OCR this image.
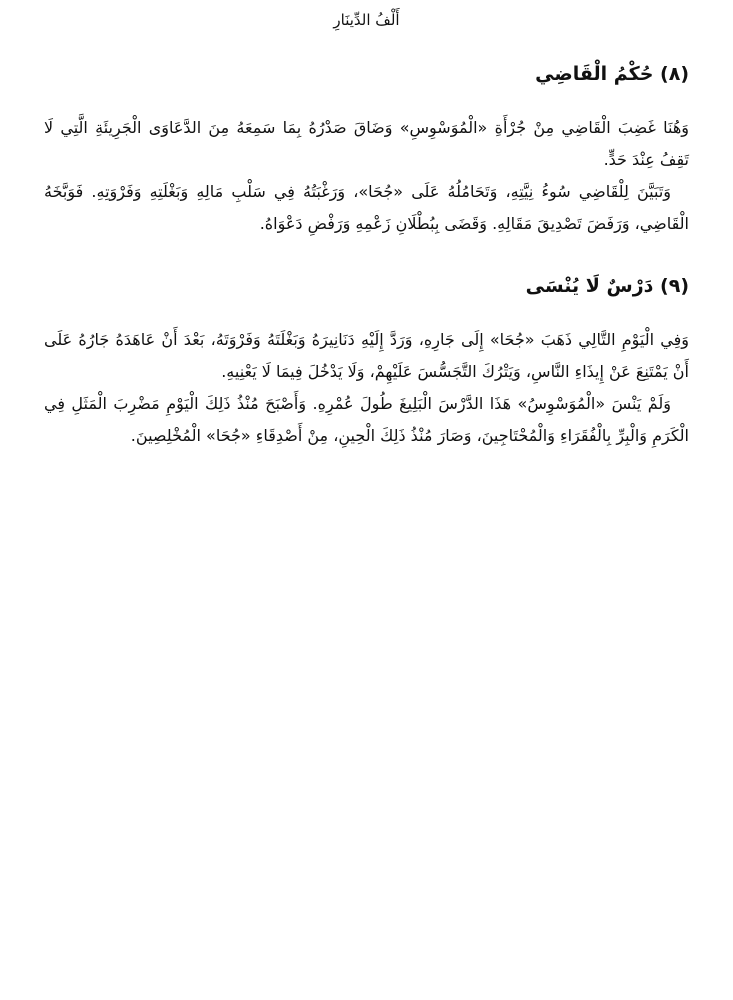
أَلْفُ الدِّينَارِ
(٨) حُكْمُ الْقَاضِي

وَهُنَا غَضِبَ الْقَاضِي مِنْ جُرْأَةِ «الْمُوَسْوِسِ» وَضَاقَ صَدْرُهُ بِمَا سَمِعَهُ مِنَ الدَّعَاوَى الْجَرِيئَةِ الَّتِي لَا تَقِفُ عِنْدَ حَدٍّ.

وَتَبَيَّنَ لِلْقَاضِي سُوءُ نِيَّتِهِ، وَتَحَامُلُهُ عَلَى «جُحَا»، وَرَغْبَتُهُ فِي سَلْبِ مَالِهِ وَبَغْلَتِهِ وَفَرْوَتِهِ. فَوَبَّخَهُ الْقَاضِي، وَرَفَضَ تَصْدِيقَ مَقَالِهِ. وَقَضَى بِبُطْلَانِ زَعْمِهِ وَرَفْضِ دَعْوَاهُ.

(٩) دَرْسٌ لَا يُنْسَى

وَفِي الْيَوْمِ التَّالِي ذَهَبَ «جُحَا» إِلَى جَارِهِ، وَرَدَّ إِلَيْهِ دَنَانِيرَهُ وَبَغْلَتَهُ وَفَرْوَتَهُ، بَعْدَ أَنْ عَاهَدَهُ جَارُهُ عَلَى أَنْ يَمْتَنِعَ عَنْ إِيذَاءِ النَّاسِ، وَيَتْرُكَ التَّجَسُّسَ عَلَيْهِمْ، وَلَا يَدْخُلَ فِيمَا لَا يَعْنِيهِ.

وَلَمْ يَنْسَ «الْمُوَسْوِسُ» هَذَا الدَّرْسَ الْبَلِيغَ طُولَ عُمْرِهِ. وَأَصْبَحَ مُنْذُ ذَلِكَ الْيَوْمِ مَضْرِبَ الْمَثَلِ فِي الْكَرَمِ وَالْبِرِّ بِالْفُقَرَاءِ وَالْمُحْتَاجِينَ، وَصَارَ مُنْذُ ذَلِكَ الْحِينِ، مِنْ أَصْدِقَاءِ «جُحَا» الْمُخْلِصِينَ.
